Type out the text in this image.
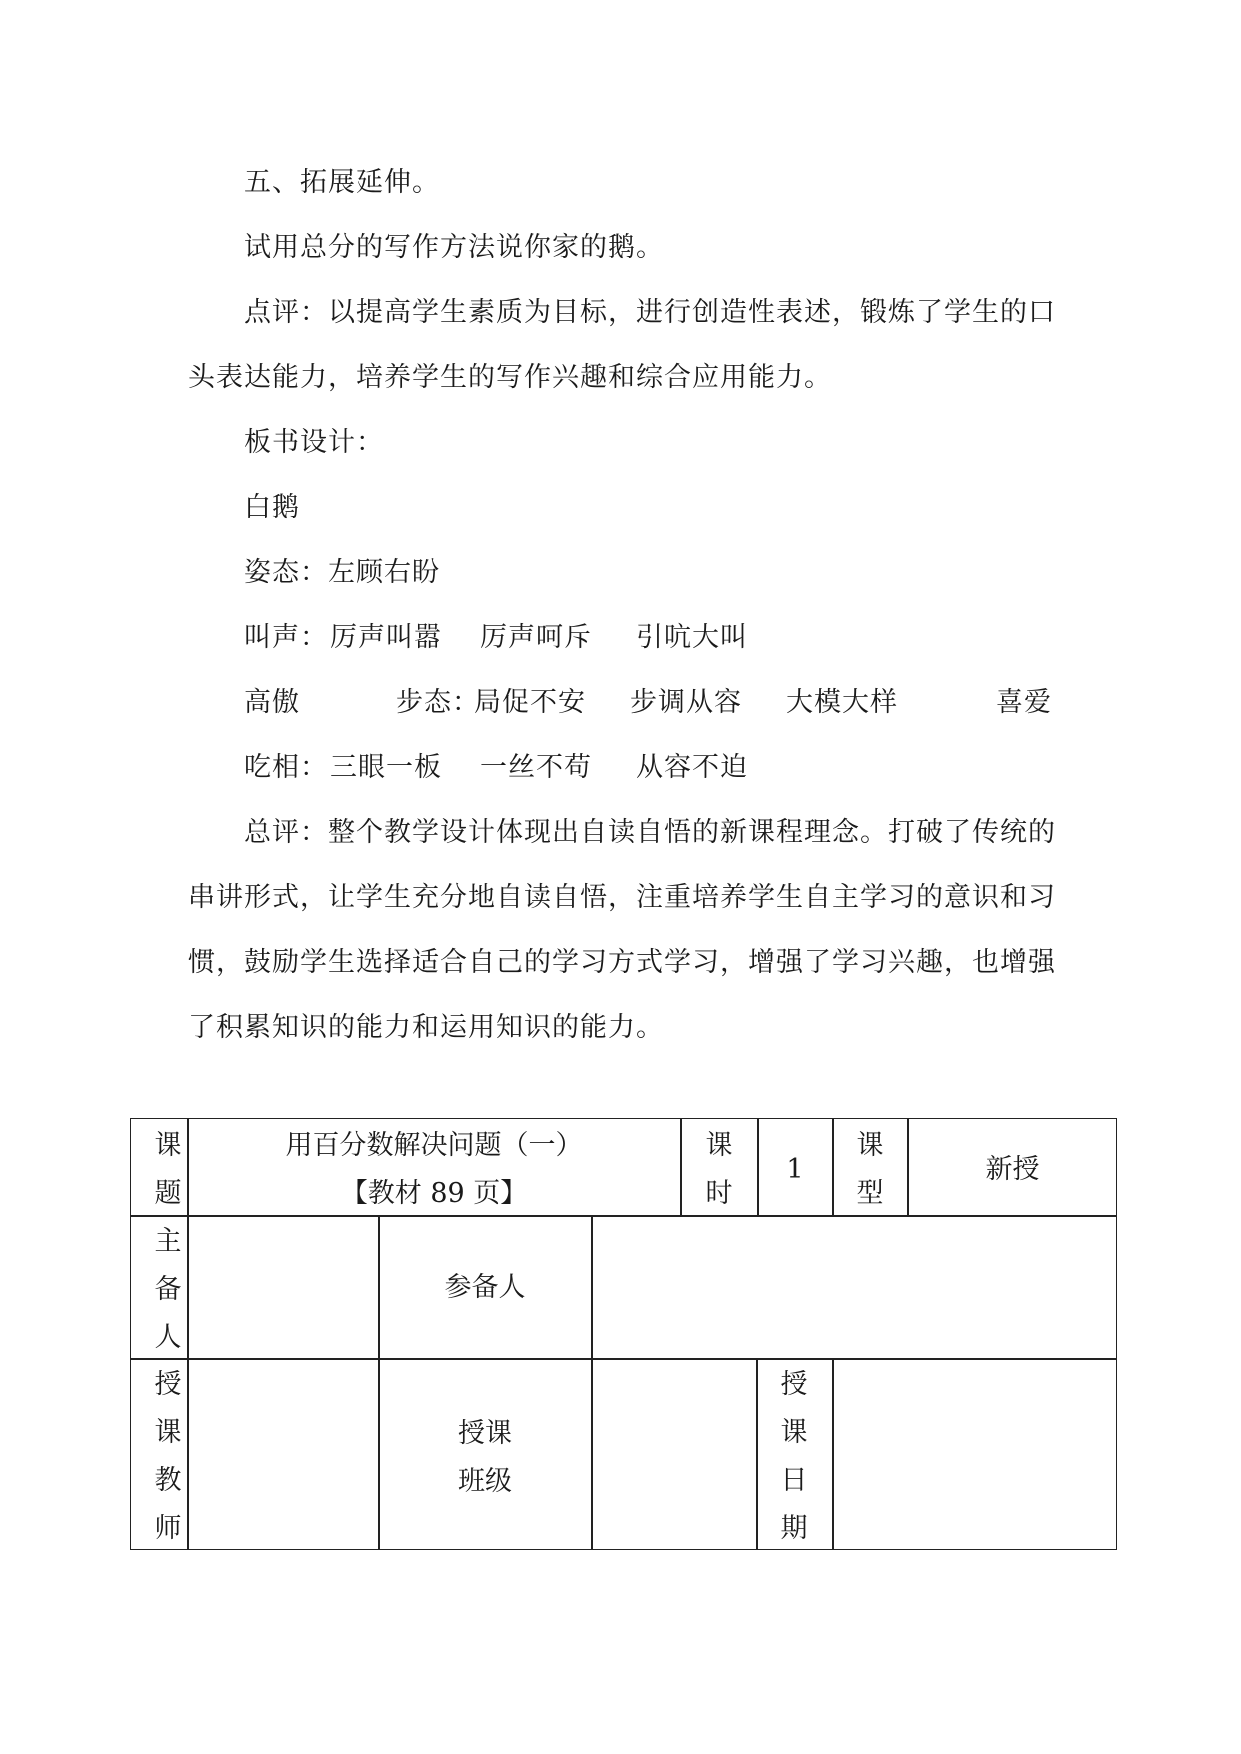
五、拓展延伸。
试用总分的写作方法说你家的鹅。
点评：以提高学生素质为目标，进行创造性表述，锻炼了学生的口
头表达能力，培养学生的写作兴趣和综合应用能力。
板书设计：
白鹅
姿态：左顾右盼

叫声：

厉声叫嚣

厉声呵斥

引吭大叫

高傲

	步态：

局促不安

步调从容

大模大样

	喜爱

吃相：

三眼一板

一丝不苟

从容不迫

总评：整个教学设计体现出自读自悟的新课程理念。打破了传统的
串讲形式，让学生充分地自读自悟，注重培养学生自主学习的意识和习
惯，鼓励学生选择适合自己的学习方式学习，增强了学习兴趣，也增强
了积累知识的能力和运用知识的能力。
课
题
用百分数解决问题（一）
【教材 89 页】
课
时
1
课
型
新授
主
备
人
参备人
授
课
教
师
授课
班级
授
课
日
期
